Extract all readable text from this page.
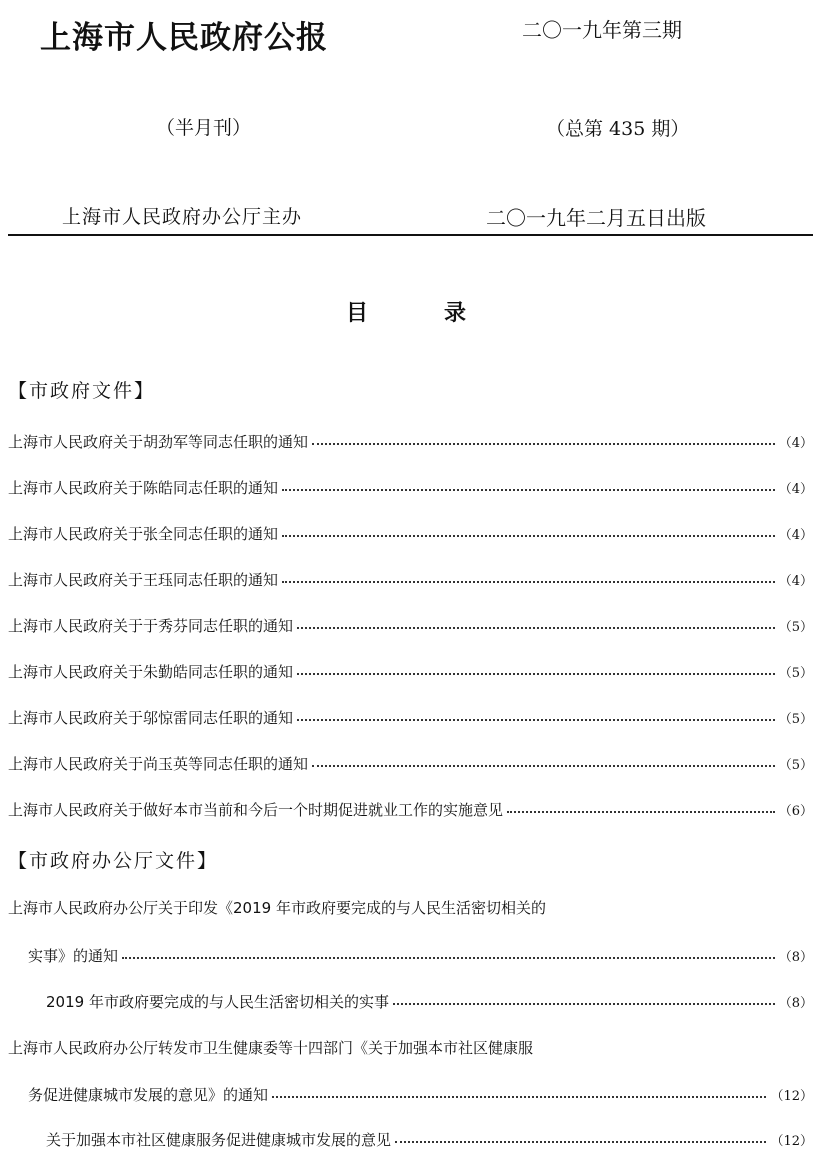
上海市人民政府公报	二〇一九年第三期
（半月刊）	（总第 435 期）
上海市人民政府办公厅主办	二〇一九年二月五日出版
目录
【市政府文件】
上海市人民政府关于胡劲军等同志任职的通知	（4）
上海市人民政府关于陈皓同志任职的通知	（4）
上海市人民政府关于张全同志任职的通知	（4）
上海市人民政府关于王珏同志任职的通知	（4）
上海市人民政府关于于秀芬同志任职的通知	（5）
上海市人民政府关于朱勤皓同志任职的通知	（5）
上海市人民政府关于邬惊雷同志任职的通知	（5）
上海市人民政府关于尚玉英等同志任职的通知	（5）
上海市人民政府关于做好本市当前和今后一个时期促进就业工作的实施意见	（6）
【市政府办公厅文件】
上海市人民政府办公厅关于印发《2019 年市政府要完成的与人民生活密切相关的
实事》的通知	（8）
2019 年市政府要完成的与人民生活密切相关的实事	（8）
上海市人民政府办公厅转发市卫生健康委等十四部门《关于加强本市社区健康服
务促进健康城市发展的意见》的通知	（12）
关于加强本市社区健康服务促进健康城市发展的意见	（12）
